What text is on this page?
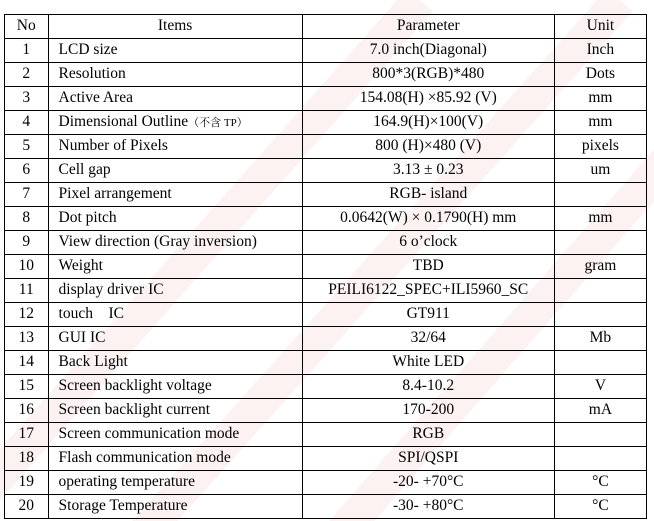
No	Items	Parameter	Unit
1	LCD size	7.0 inch(Diagonal)	Inch
2	Resolution	800*3(RGB)*480	Dots
3	Active Area	154.08(H) ×85.92 (V)	mm
4	Dimensional Outline（不含 TP）	164.9(H)×100(V)	mm
5	Number of Pixels	800 (H)×480 (V)	pixels
6	Cell gap	3.13 ± 0.23	um
7	Pixel arrangement	RGB- island	
8	Dot pitch	0.0642(W) × 0.1790(H) mm	mm
9	View direction (Gray inversion)	6 o’clock	
10	Weight	TBD	gram
11	display driver IC	PEILI6122_SPEC+ILI5960_SC	
12	touch    IC	GT911	
13	GUI IC	32/64	Mb
14	Back Light	White LED	
15	Screen backlight voltage	8.4-10.2	V
16	Screen backlight current	170-200	mA
17	Screen communication mode	RGB	
18	Flash communication mode	SPI/QSPI	
19	operating temperature	-20- +70°C	°C
20	Storage Temperature	-30- +80°C	°C
